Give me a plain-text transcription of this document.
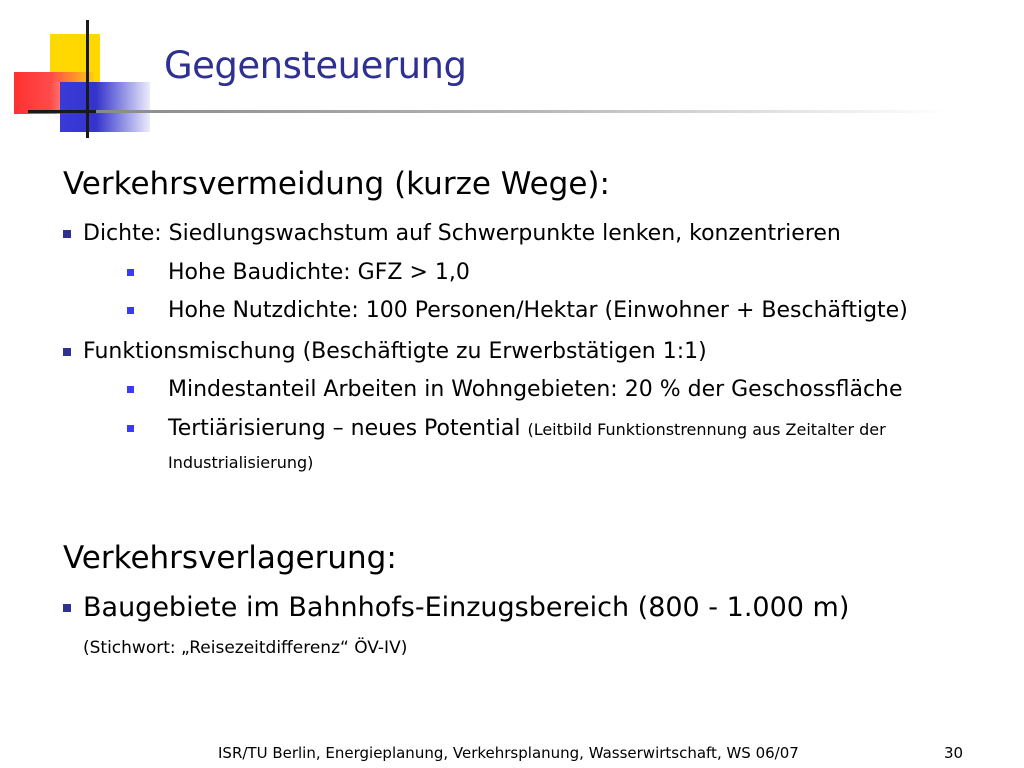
Gegensteuerung
Verkehrsvermeidung (kurze Wege):
Dichte: Siedlungswachstum auf Schwerpunkte lenken, konzentrieren
Hohe Baudichte: GFZ > 1,0
Hohe Nutzdichte: 100 Personen/Hektar (Einwohner + Beschäftigte)
Funktionsmischung (Beschäftigte zu Erwerbstätigen 1:1)
Mindestanteil Arbeiten in Wohngebieten: 20 % der Geschossfläche
Tertiärisierung – neues Potential (Leitbild Funktionstrennung aus Zeitalter der
Industrialisierung)
Verkehrsverlagerung:
Baugebiete im Bahnhofs-Einzugsbereich (800 - 1.000 m)
(Stichwort: „Reisezeitdifferenz“ ÖV-IV)
ISR/TU Berlin, Energieplanung, Verkehrsplanung, Wasserwirtschaft, WS 06/07	30
